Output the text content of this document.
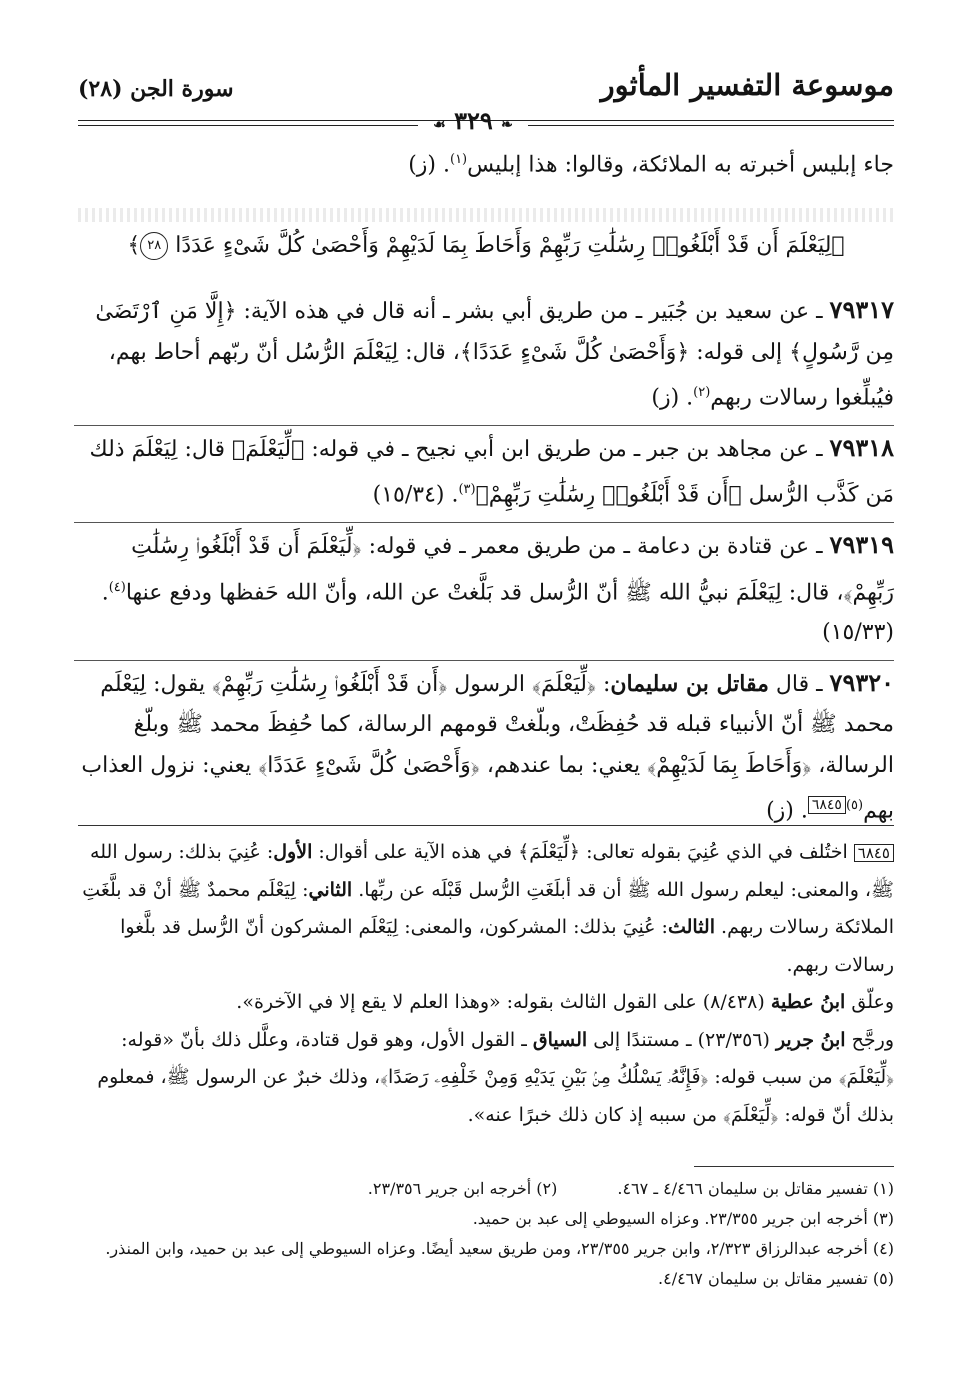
موسوعة التفسير المأثور
سورة الجن (٢٨)
❧ ٣٢٩ ☙
جاء إبليس أخبرته به الملائكة، وقالوا: هذا إبليس$^{(١)}$. (ز)
﴿لِيَعْلَمَ أَن قَدْ أَبْلَغُوا۟ رِسَٰلَٰتِ رَبِّهِمْ وَأَحَاطَ بِمَا لَدَيْهِمْ وَأَحْصَىٰ كُلَّ شَىْءٍ عَدَدًا ٢٨﴾

٧٩٣١٧ ـ عن سعيد بن جُبَير ـ من طريق أبي بشر ـ أنه قال في هذه الآية: ﴿إِلَّا مَنِ ٱرْتَضَىٰ مِن رَّسُولٍ﴾ إلى قوله: ﴿وَأَحْصَىٰ كُلَّ شَىْءٍ عَدَدًا﴾، قال: لِيَعْلَمَ الرُّسُل أنّ ربّهم أحاط بهم، فيُبلِّغوا رسالات ربهم$^{(٢)}$. (ز)

٧٩٣١٨ ـ عن مجاهد بن جبر ـ من طريق ابن أبي نجيح ـ في قوله: ﴿لِّيَعْلَمَ﴾ قال: لِيَعْلَمَ ذلك مَن كَذَّب الرُّسل ﴿أَن قَدْ أَبْلَغُوا۟ رِسَٰلَٰتِ رَبِّهِمْ﴾$^{(٣)}$. (١٥/٣٤)

٧٩٣١٩ ـ عن قتادة بن دعامة ـ من طريق معمر ـ في قوله: ﴿لِّيَعْلَمَ أَن قَدْ أَبْلَغُوا۟ رِسَٰلَٰتِ رَبِّهِمْ﴾، قال: لِيَعْلَمَ نبيُّ الله ﷺ أنّ الرُّسل قد بَلَّغتْ عن الله، وأنّ الله حَفظها ودفع عنها$^{(٤)}$. (١٥/٣٣)

٧٩٣٢٠ ـ قال مقاتل بن سليمان: ﴿لِّيَعْلَمَ﴾ الرسول ﴿أَن قَدْ أَبْلَغُوا۟ رِسَٰلَٰتِ رَبِّهِمْ﴾ يقول: لِيَعْلَم محمد ﷺ أنّ الأنبياء قبله قد حُفِظَتْ، وبلّغتْ قومهم الرسالة، كما حُفِظَ محمد ﷺ وبلّغ الرسالة، ﴿وَأَحَاطَ بِمَا لَدَيْهِمْ﴾ يعني: بما عندهم، ﴿وَأَحْصَىٰ كُلَّ شَىْءٍ عَدَدًا﴾ يعني: نزول العذاب بهم$^{(٥)}$٦٨٤٥. (ز)

٦٨٤٥ اختُلف في الذي عُنِيَ بقوله تعالى: ﴿لِّيَعْلَمَ﴾ في هذه الآية على أقوال: الأول: عُنِيَ بذلك: رسول الله ﷺ، والمعنى: ليعلم رسول الله ﷺ أن قد أبلَغَتِ الرُّسل قَبْلَه عن ربِّها. الثاني: لِيَعْلَم محمدٌ ﷺ أنْ قد بلَّغَتِ الملائكة رسالات ربهم. الثالث: عُنِيَ بذلك: المشركون، والمعنى: لِيَعْلَم المشركون أنّ الرُّسل قد بلَّغوا رسالات ربهم.

وعلّق ابنُ عطية (٨/٤٣٨) على القول الثالث بقوله: «وهذا العلم لا يقع إلا في الآخرة».

ورجَّح ابنُ جرير (٢٣/٣٥٦) ـ مستندًا إلى السياق ـ القول الأول، وهو قول قتادة، وعلَّل ذلك بأنّ «قوله: ﴿لِّيَعْلَمَ﴾ من سبب قوله: ﴿فَإِنَّهُۥ يَسْلُكُ مِنۢ بَيْنِ يَدَيْهِ وَمِنْ خَلْفِهِۦ رَصَدًا﴾، وذلك خبرٌ عن الرسول ﷺ، فمعلوم بذلك أنّ قوله: ﴿لِّيَعْلَمَ﴾ من سببه إذ كان ذلك خبرًا عنه».

(١) تفسير مقاتل بن سليمان ٤/٤٦٦ ـ ٤٦٧.
(٢) أخرجه ابن جرير ٢٣/٣٥٦.

(٣) أخرجه ابن جرير ٢٣/٣٥٥. وعزاه السيوطي إلى عبد بن حميد.

(٤) أخرجه عبدالرزاق ٢/٣٢٣، وابن جرير ٢٣/٣٥٥، ومن طريق سعيد أيضًا. وعزاه السيوطي إلى عبد بن حميد، وابن المنذر.

(٥) تفسير مقاتل بن سليمان ٤/٤٦٧.
